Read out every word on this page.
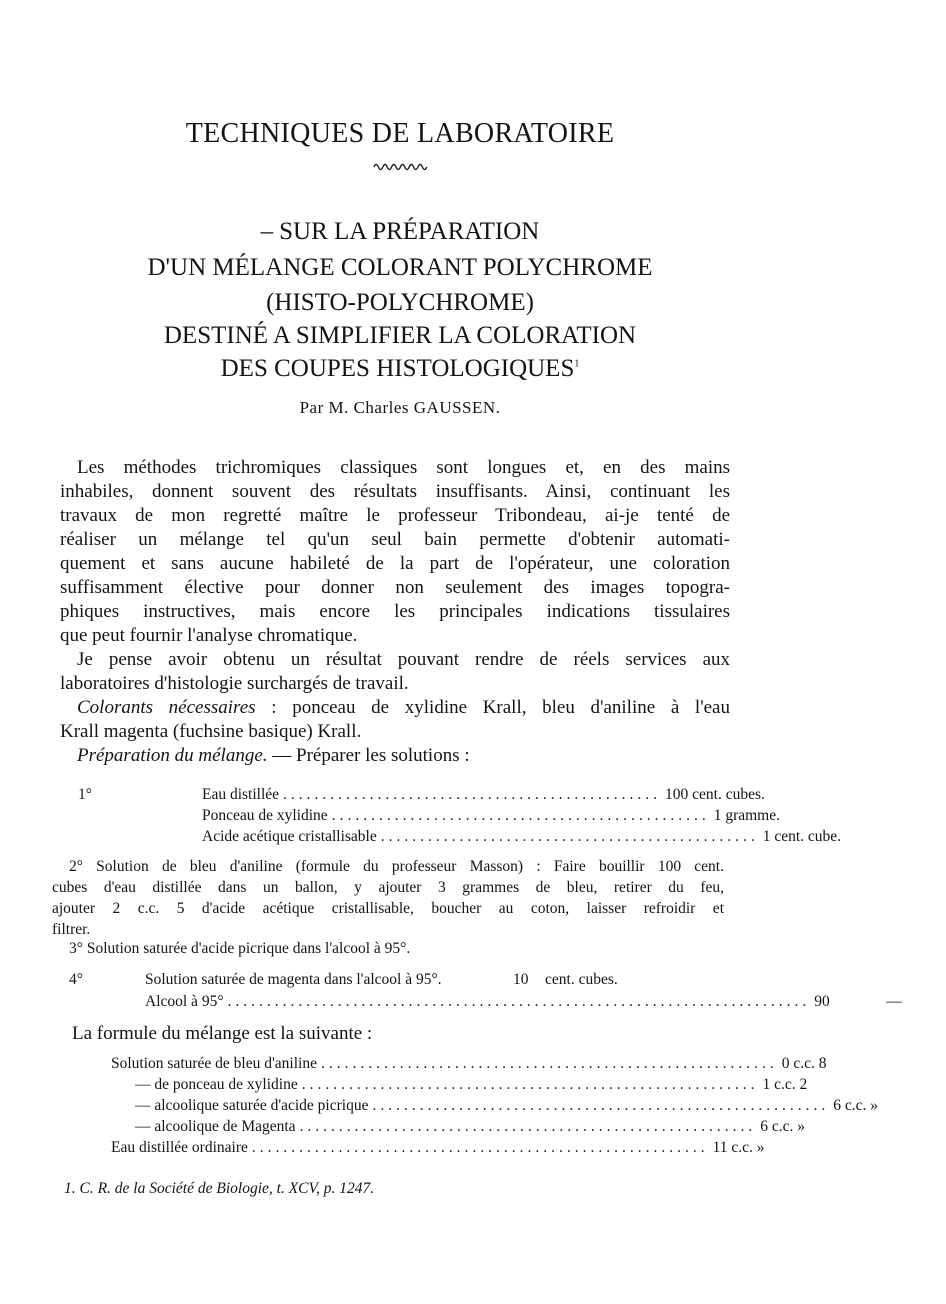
TECHNIQUES DE LABORATOIRE
– SUR LA PRÉPARATION
D'UN MÉLANGE COLORANT POLYCHROME
(HISTO-POLYCHROME)
DESTINÉ A SIMPLIFIER LA COLORATION
DES COUPES HISTOLOGIQUES$^1$
Par M. Charles GAUSSEN.
Les méthodes trichromiques classiques sont longues et, en des mains
inhabiles, donnent souvent des résultats insuffisants. Ainsi, continuant les
travaux de mon regretté maître le professeur Tribondeau, ai-je tenté de
réaliser un mélange tel qu'un seul bain permette d'obtenir automati-
quement et sans aucune habileté de la part de l'opérateur, une coloration
suffisamment élective pour donner non seulement des images topogra-
phiques instructives, mais encore les principales indications tissulaires
que peut fournir l'analyse chromatique.
Je pense avoir obtenu un résultat pouvant rendre de réels services aux
laboratoires d'histologie surchargés de travail.
Colorants nécessaires : ponceau de xylidine Krall, bleu d'aniline à l'eau
Krall magenta (fuchsine basique) Krall.
Préparation du mélange. — Préparer les solutions :
1°	Eau distillée ................................................ 100 cent. cubes.
Ponceau de xylidine ................................................ 1 gramme.
Acide acétique cristallisable ................................................ 1 cent. cube.
2° Solution de bleu d'aniline (formule du professeur Masson) : Faire bouillir 100 cent.
cubes d'eau distillée dans un ballon, y ajouter 3 grammes de bleu, retirer du feu,
ajouter 2 c.c. 5 d'acide acétique cristallisable, boucher au coton, laisser refroidir et
filtrer.
3° Solution saturée d'acide picrique dans l'alcool à 95°.
4°	Solution saturée de magenta dans l'alcool à 95°.	10	cent. cubes.
Alcool à 95° .......................................................................... 90	—
La formule du mélange est la suivante :
Solution saturée de bleu d'aniline .......................................................... 0 c.c. 8
— de ponceau de xylidine .......................................................... 1 c.c. 2
— alcoolique saturée d'acide picrique .......................................................... 6 c.c. »
— alcoolique de Magenta .......................................................... 6 c.c. »
Eau distillée ordinaire .......................................................... 11 c.c. »
1. C. R. de la Société de Biologie, t. XCV, p. 1247.
